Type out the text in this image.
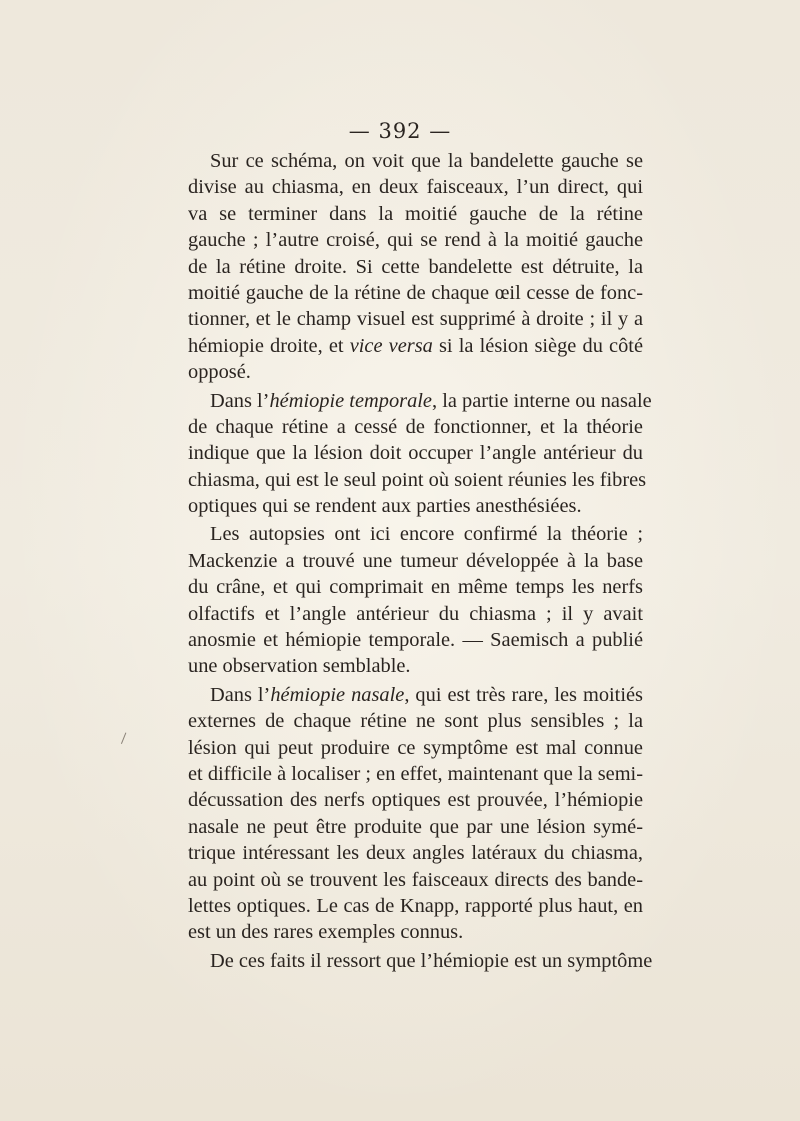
— 392 —

Sur ce schéma, on voit que la bandelette gauche se
divise au chiasma, en deux faisceaux, l’un direct, qui
va se terminer dans la moitié gauche de la rétine
gauche ; l’autre croisé, qui se rend à la moitié gauche
de la rétine droite. Si cette bandelette est détruite, la
moitié gauche de la rétine de chaque œil cesse de fonc-
tionner, et le champ visuel est supprimé à droite ; il y a
hémiopie droite, et vice versa si la lésion siège du côté
opposé.

Dans l’hémiopie temporale, la partie interne ou nasale
de chaque rétine a cessé de fonctionner, et la théorie
indique que la lésion doit occuper l’angle antérieur du
chiasma, qui est le seul point où soient réunies les fibres
optiques qui se rendent aux parties anesthésiées.

Les autopsies ont ici encore confirmé la théorie ;
Mackenzie a trouvé une tumeur développée à la base
du crâne, et qui comprimait en même temps les nerfs
olfactifs et l’angle antérieur du chiasma ; il y avait
anosmie et hémiopie temporale. — Saemisch a publié
une observation semblable.

Dans l’hémiopie nasale, qui est très rare, les moitiés
externes de chaque rétine ne sont plus sensibles ; la
lésion qui peut produire ce symptôme est mal connue
et difficile à localiser ; en effet, maintenant que la semi-
décussation des nerfs optiques est prouvée, l’hémiopie
nasale ne peut être produite que par une lésion symé-
trique intéressant les deux angles latéraux du chiasma,
au point où se trouvent les faisceaux directs des bande-
lettes optiques. Le cas de Knapp, rapporté plus haut, en
est un des rares exemples connus.

De ces faits il ressort que l’hémiopie est un symptôme
